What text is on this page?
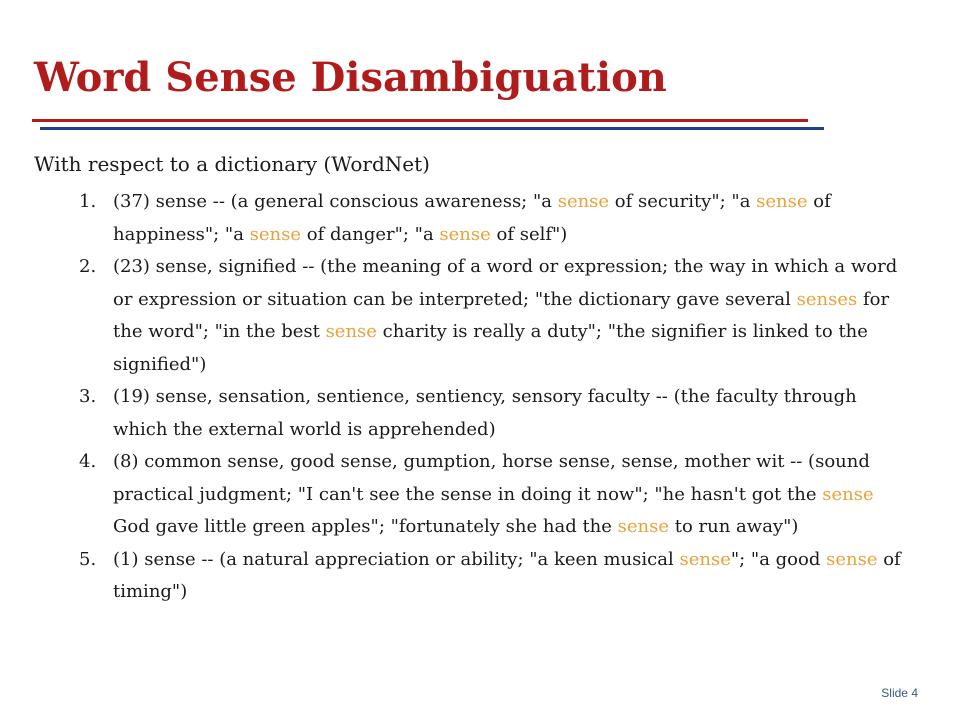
Word Sense Disambiguation

With respect to a dictionary (WordNet)

1. (37) sense -- (a general conscious awareness; "a sense of security"; "a sense of happiness"; "a sense of danger"; "a sense of self")
2. (23) sense, signified -- (the meaning of a word or expression; the way in which a word or expression or situation can be interpreted; "the dictionary gave several senses for the word"; "in the best sense charity is really a duty"; "the signifier is linked to the signified")
3. (19) sense, sensation, sentience, sentiency, sensory faculty -- (the faculty through which the external world is apprehended)
4. (8) common sense, good sense, gumption, horse sense, sense, mother wit -- (sound practical judgment; "I can't see the sense in doing it now"; "he hasn't got the sense God gave little green apples"; "fortunately she had the sense to run away")
5. (1) sense -- (a natural appreciation or ability; "a keen musical sense"; "a good sense of timing")
Slide 4
